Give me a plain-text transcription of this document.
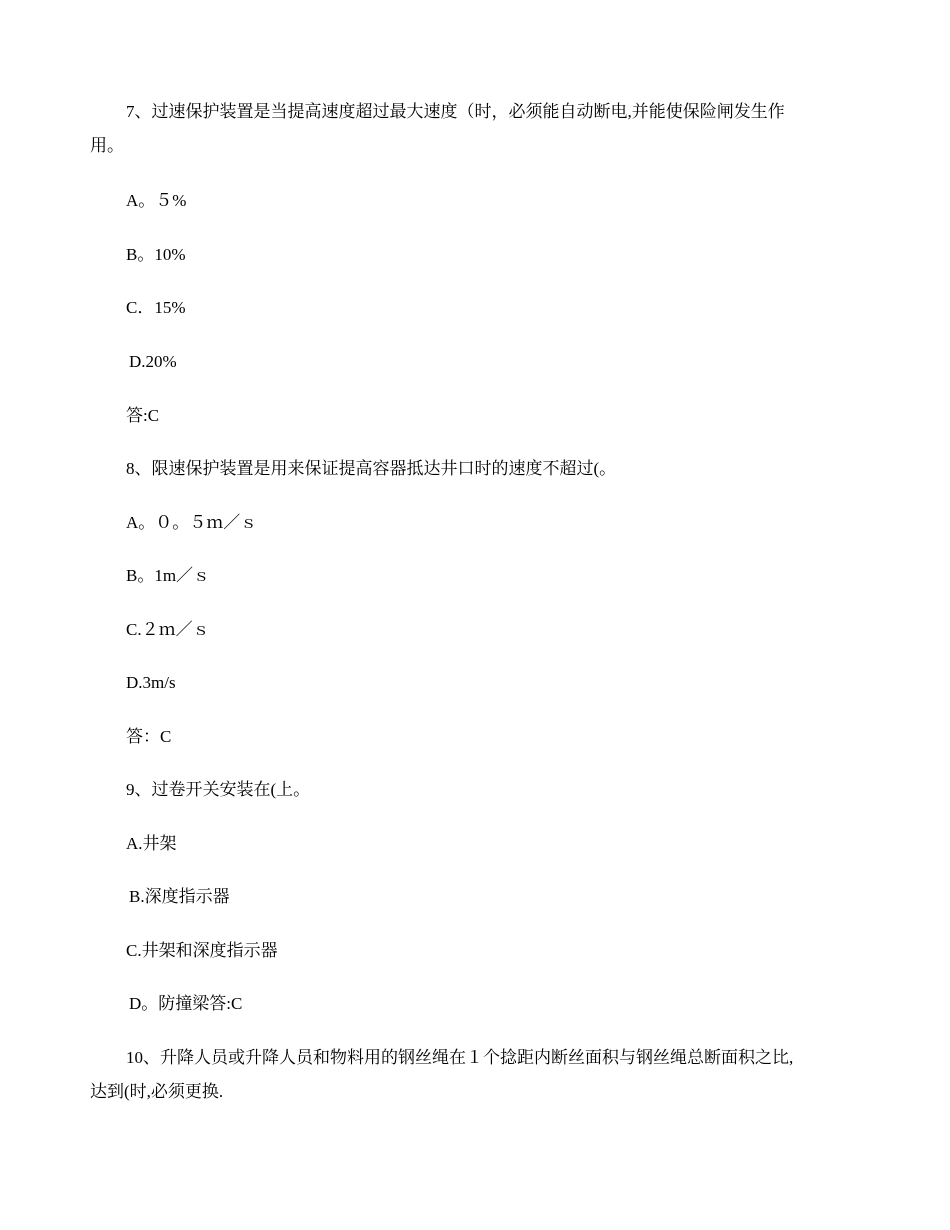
7、过速保护装置是当提高速度超过最大速度（时，必须能自动断电,并能使保险闸发生作
用。
A。５%
B。10%
C．15%
D.20%
答:C
8、限速保护装置是用来保证提高容器抵达井口时的速度不超过(。
A。０。５ｍ／ｓ
B。1m／ｓ
C.２ｍ／ｓ
D.3m/s
答：C
9、过卷开关安装在(上。
A.井架
B.深度指示器
C.井架和深度指示器
D。防撞梁答:C
10、升降人员或升降人员和物料用的钢丝绳在１个捻距内断丝面积与钢丝绳总断面积之比,
达到(时,必须更换.
